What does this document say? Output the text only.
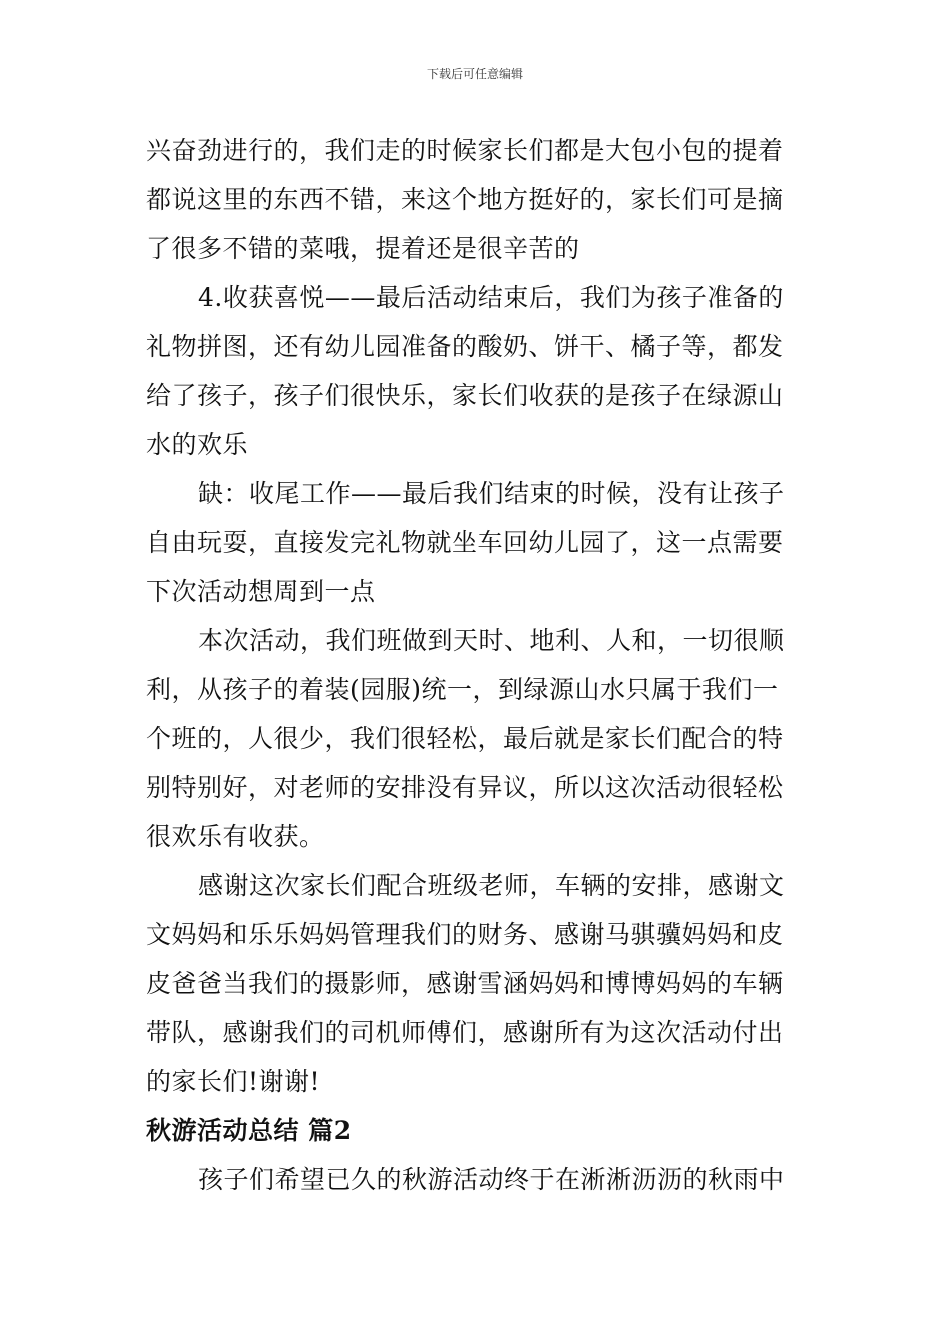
下载后可任意编辑

兴奋劲进行的，我们走的时候家长们都是大包小包的提着
都说这里的东西不错，来这个地方挺好的，家长们可是摘
了很多不错的菜哦，提着还是很辛苦的

4.收获喜悦——最后活动结束后，我们为孩子准备的
礼物拼图，还有幼儿园准备的酸奶、饼干、橘子等，都发
给了孩子，孩子们很快乐，家长们收获的是孩子在绿源山
水的欢乐

缺：收尾工作——最后我们结束的时候，没有让孩子
自由玩耍，直接发完礼物就坐车回幼儿园了，这一点需要
下次活动想周到一点

本次活动，我们班做到天时、地利、人和，一切很顺
利，从孩子的着装(园服)统一，到绿源山水只属于我们一
个班的，人很少，我们很轻松，最后就是家长们配合的特
别特别好，对老师的安排没有异议，所以这次活动很轻松
很欢乐有收获。

感谢这次家长们配合班级老师，车辆的安排，感谢文
文妈妈和乐乐妈妈管理我们的财务、感谢马骐骥妈妈和皮
皮爸爸当我们的摄影师，感谢雪涵妈妈和博博妈妈的车辆
带队，感谢我们的司机师傅们，感谢所有为这次活动付出
的家长们!谢谢!

秋游活动总结 篇2

孩子们希望已久的秋游活动终于在淅淅沥沥的秋雨中
